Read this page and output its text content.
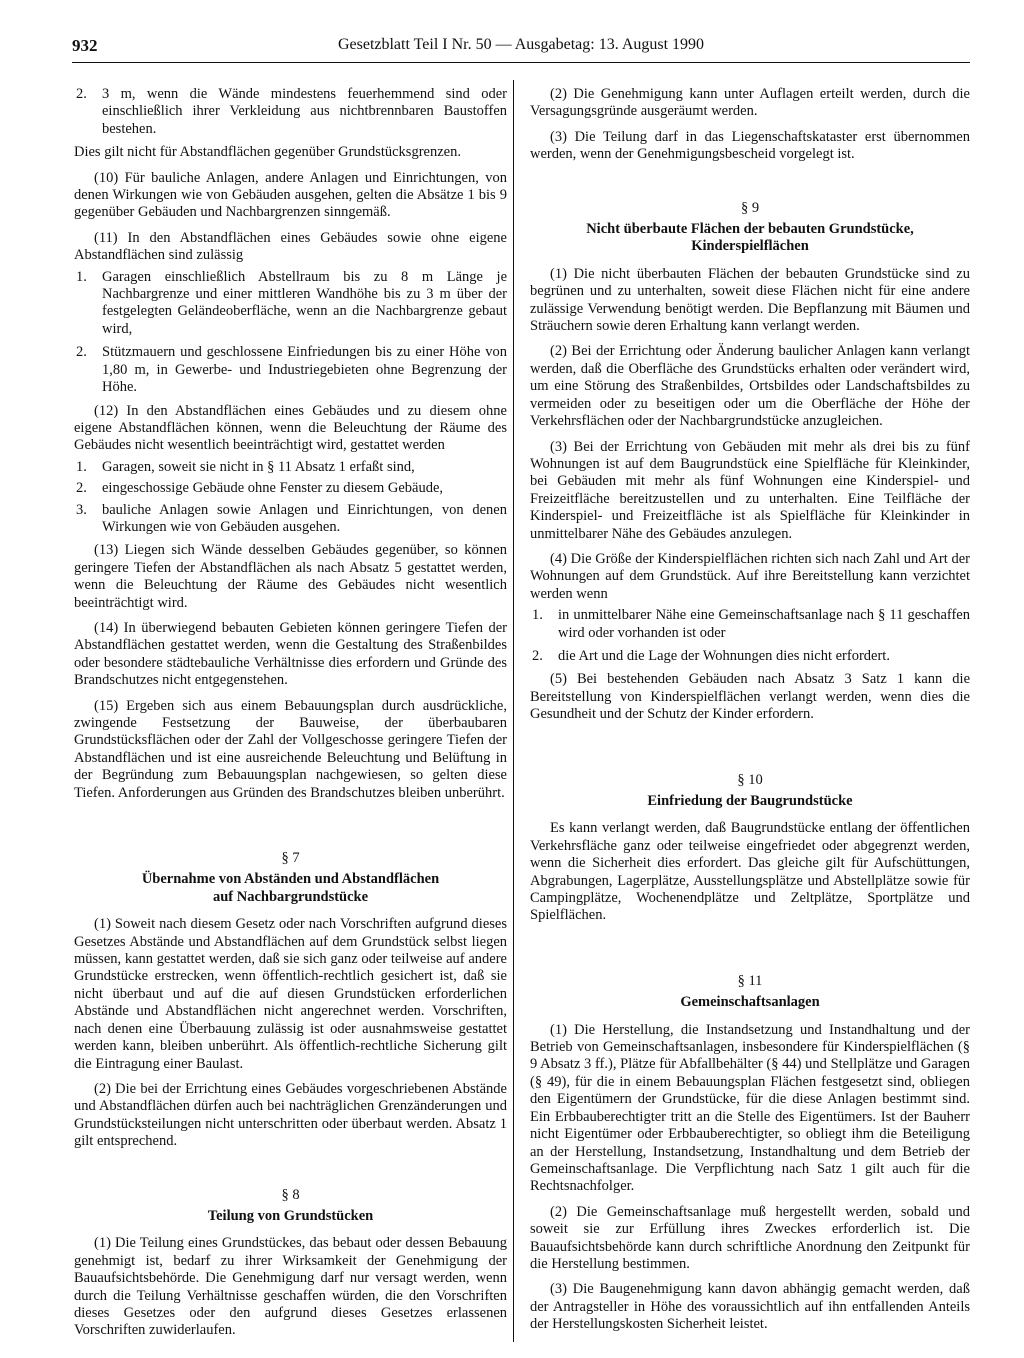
932	Gesetzblatt Teil I Nr. 50 — Ausgabetag: 13. August 1990
2. 3 m, wenn die Wände mindestens feuerhemmend sind oder einschließlich ihrer Verkleidung aus nichtbrennbaren Baustoffen bestehen.

Dies gilt nicht für Abstandflächen gegenüber Grundstücksgrenzen.

(10) Für bauliche Anlagen, andere Anlagen und Einrichtungen, von denen Wirkungen wie von Gebäuden ausgehen, gelten die Absätze 1 bis 9 gegenüber Gebäuden und Nachbargrenzen sinngemäß.

(11) In den Abstandflächen eines Gebäudes sowie ohne eigene Abstandflächen sind zulässig

1. Garagen einschließlich Abstellraum bis zu 8 m Länge je Nachbargrenze und einer mittleren Wandhöhe bis zu 3 m über der festgelegten Geländeoberfläche, wenn an die Nachbargrenze gebaut wird,
2. Stützmauern und geschlossene Einfriedungen bis zu einer Höhe von 1,80 m, in Gewerbe- und Industriegebieten ohne Begrenzung der Höhe.

(12) In den Abstandflächen eines Gebäudes und zu diesem ohne eigene Abstandflächen können, wenn die Beleuchtung der Räume des Gebäudes nicht wesentlich beeinträchtigt wird, gestattet werden

1. Garagen, soweit sie nicht in § 11 Absatz 1 erfaßt sind,
2. eingeschossige Gebäude ohne Fenster zu diesem Gebäude,
3. bauliche Anlagen sowie Anlagen und Einrichtungen, von denen Wirkungen wie von Gebäuden ausgehen.

(13) Liegen sich Wände desselben Gebäudes gegenüber, so können geringere Tiefen der Abstandflächen als nach Absatz 5 gestattet werden, wenn die Beleuchtung der Räume des Gebäudes nicht wesentlich beeinträchtigt wird.

(14) In überwiegend bebauten Gebieten können geringere Tiefen der Abstandflächen gestattet werden, wenn die Gestaltung des Straßenbildes oder besondere städtebauliche Verhältnisse dies erfordern und Gründe des Brandschutzes nicht entgegenstehen.

(15) Ergeben sich aus einem Bebauungsplan durch ausdrückliche, zwingende Festsetzung der Bauweise, der überbaubaren Grundstücksflächen oder der Zahl der Vollgeschosse geringere Tiefen der Abstandflächen und ist eine ausreichende Beleuchtung und Belüftung in der Begründung zum Bebauungsplan nachgewiesen, so gelten diese Tiefen. Anforderungen aus Gründen des Brandschutzes bleiben unberührt.

§ 7

Übernahme von Abständen und Abstandflächen
auf Nachbargrundstücke

(1) Soweit nach diesem Gesetz oder nach Vorschriften aufgrund dieses Gesetzes Abstände und Abstandflächen auf dem Grundstück selbst liegen müssen, kann gestattet werden, daß sie sich ganz oder teilweise auf andere Grundstücke erstrecken, wenn öffentlich-rechtlich gesichert ist, daß sie nicht überbaut und auf die auf diesen Grundstücken erforderlichen Abstände und Abstandflächen nicht angerechnet werden. Vorschriften, nach denen eine Überbauung zulässig ist oder ausnahmsweise gestattet werden kann, bleiben unberührt. Als öffentlich-rechtliche Sicherung gilt die Eintragung einer Baulast.

(2) Die bei der Errichtung eines Gebäudes vorgeschriebenen Abstände und Abstandflächen dürfen auch bei nachträglichen Grenzänderungen und Grundstücksteilungen nicht unterschritten oder überbaut werden. Absatz 1 gilt entsprechend.

§ 8

Teilung von Grundstücken

(1) Die Teilung eines Grundstückes, das bebaut oder dessen Bebauung genehmigt ist, bedarf zu ihrer Wirksamkeit der Genehmigung der Bauaufsichtsbehörde. Die Genehmigung darf nur versagt werden, wenn durch die Teilung Verhältnisse geschaffen würden, die den Vorschriften dieses Gesetzes oder den aufgrund dieses Gesetzes erlassenen Vorschriften zuwiderlaufen.

(2) Die Genehmigung kann unter Auflagen erteilt werden, durch die Versagungsgründe ausgeräumt werden.

(3) Die Teilung darf in das Liegenschaftskataster erst übernommen werden, wenn der Genehmigungsbescheid vorgelegt ist.

§ 9

Nicht überbaute Flächen der bebauten Grundstücke,
Kinderspielflächen

(1) Die nicht überbauten Flächen der bebauten Grundstücke sind zu begrünen und zu unterhalten, soweit diese Flächen nicht für eine andere zulässige Verwendung benötigt werden. Die Bepflanzung mit Bäumen und Sträuchern sowie deren Erhaltung kann verlangt werden.

(2) Bei der Errichtung oder Änderung baulicher Anlagen kann verlangt werden, daß die Oberfläche des Grundstücks erhalten oder verändert wird, um eine Störung des Straßenbildes, Ortsbildes oder Landschaftsbildes zu vermeiden oder zu beseitigen oder um die Oberfläche der Höhe der Verkehrsflächen oder der Nachbargrundstücke anzugleichen.

(3) Bei der Errichtung von Gebäuden mit mehr als drei bis zu fünf Wohnungen ist auf dem Baugrundstück eine Spielfläche für Kleinkinder, bei Gebäuden mit mehr als fünf Wohnungen eine Kinderspiel- und Freizeitfläche bereitzustellen und zu unterhalten. Eine Teilfläche der Kinderspiel- und Freizeitfläche ist als Spielfläche für Kleinkinder in unmittelbarer Nähe des Gebäudes anzulegen.

(4) Die Größe der Kinderspielflächen richten sich nach Zahl und Art der Wohnungen auf dem Grundstück. Auf ihre Bereitstellung kann verzichtet werden wenn

1. in unmittelbarer Nähe eine Gemeinschaftsanlage nach § 11 geschaffen wird oder vorhanden ist oder
2. die Art und die Lage der Wohnungen dies nicht erfordert.

(5) Bei bestehenden Gebäuden nach Absatz 3 Satz 1 kann die Bereitstellung von Kinderspielflächen verlangt werden, wenn dies die Gesundheit und der Schutz der Kinder erfordern.

§ 10

Einfriedung der Baugrundstücke

Es kann verlangt werden, daß Baugrundstücke entlang der öffentlichen Verkehrsfläche ganz oder teilweise eingefriedet oder abgegrenzt werden, wenn die Sicherheit dies erfordert. Das gleiche gilt für Aufschüttungen, Abgrabungen, Lagerplätze, Ausstellungsplätze und Abstellplätze sowie für Campingplätze, Wochenendplätze und Zeltplätze, Sportplätze und Spielflächen.

§ 11

Gemeinschaftsanlagen

(1) Die Herstellung, die Instandsetzung und Instandhaltung und der Betrieb von Gemeinschaftsanlagen, insbesondere für Kinderspielflächen (§ 9 Absatz 3 ff.), Plätze für Abfallbehälter (§ 44) und Stellplätze und Garagen (§ 49), für die in einem Bebauungsplan Flächen festgesetzt sind, obliegen den Eigentümern der Grundstücke, für die diese Anlagen bestimmt sind. Ein Erbbauberechtigter tritt an die Stelle des Eigentümers. Ist der Bauherr nicht Eigentümer oder Erbbauberechtigter, so obliegt ihm die Beteiligung an der Herstellung, Instandsetzung, Instandhaltung und dem Betrieb der Gemeinschaftsanlage. Die Verpflichtung nach Satz 1 gilt auch für die Rechtsnachfolger.

(2) Die Gemeinschaftsanlage muß hergestellt werden, sobald und soweit sie zur Erfüllung ihres Zweckes erforderlich ist. Die Bauaufsichtsbehörde kann durch schriftliche Anordnung den Zeitpunkt für die Herstellung bestimmen.

(3) Die Baugenehmigung kann davon abhängig gemacht werden, daß der Antragsteller in Höhe des voraussichtlich auf ihn entfallenden Anteils der Herstellungskosten Sicherheit leistet.
